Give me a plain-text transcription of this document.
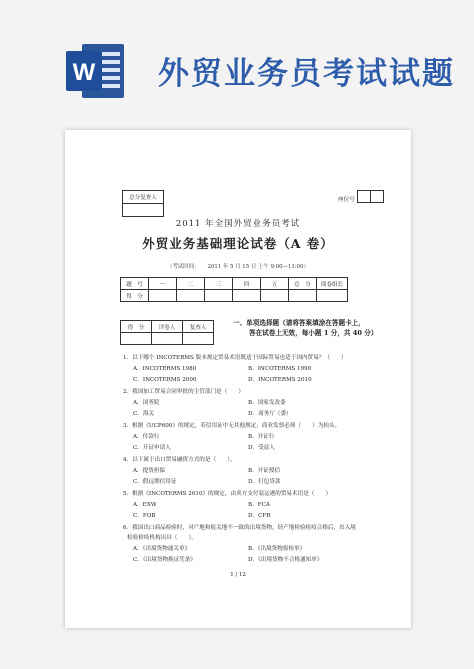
W 外贸业务员考试试题
总分复查人	座位号

2011 年全国外贸业务员考试
外贸业务基础理论试卷（A 卷）
（考试时间：　　2011 年 5 月 15 日 上午 9:00—11:00）
题　号	一	二	三	四	五	总　分	阅卷组长
得　分							
得　分	评卷人	复查人

一、单项选择题（请将答案填涂在答题卡上，
答在试卷上无效，每小题 1 分，共 40 分）
1．以下哪个 INCOTERMS 版本规定贸易术语既适于国际贸易也适于国内贸易？（　　）
A．INCOTERMS 1980	B．INCOTERMS 1990
C．INCOTERMS 2000	D．INCOTERMS 2010
2．我国加工贸易合同审批的主管部门是（　　）
A．国务院	B．国家发改委
C．海关	D．商务厅（委）
3．根据《UCP600》的规定，若信用证中无其他规定，商业发票必须（　　）为抬头。
A．付款行	B．开证行
C．开证申请人	D．受益人
4．以下属于出口贸易融资方式的是（　　）。
A．提货担保	B．开证授信
C．假远期信用证	D．打包贷款
5．根据《INCOTERMS 2010》的规定，由卖方支付装运港的贸易术语是（　　）
A．EXW	B．FCA
C．FOB	D．CFR
6．我国出口商品检验时，对产地和报关地不一致的出境货物，经产地检验检疫合格后，出入境
检验检疫机构出具（　　）。
A．《出境货物通关单》	B．《出境货物报检单》
C．《出境货物换证凭条》	D．《出境货物不合格通知单》
1 / 12
